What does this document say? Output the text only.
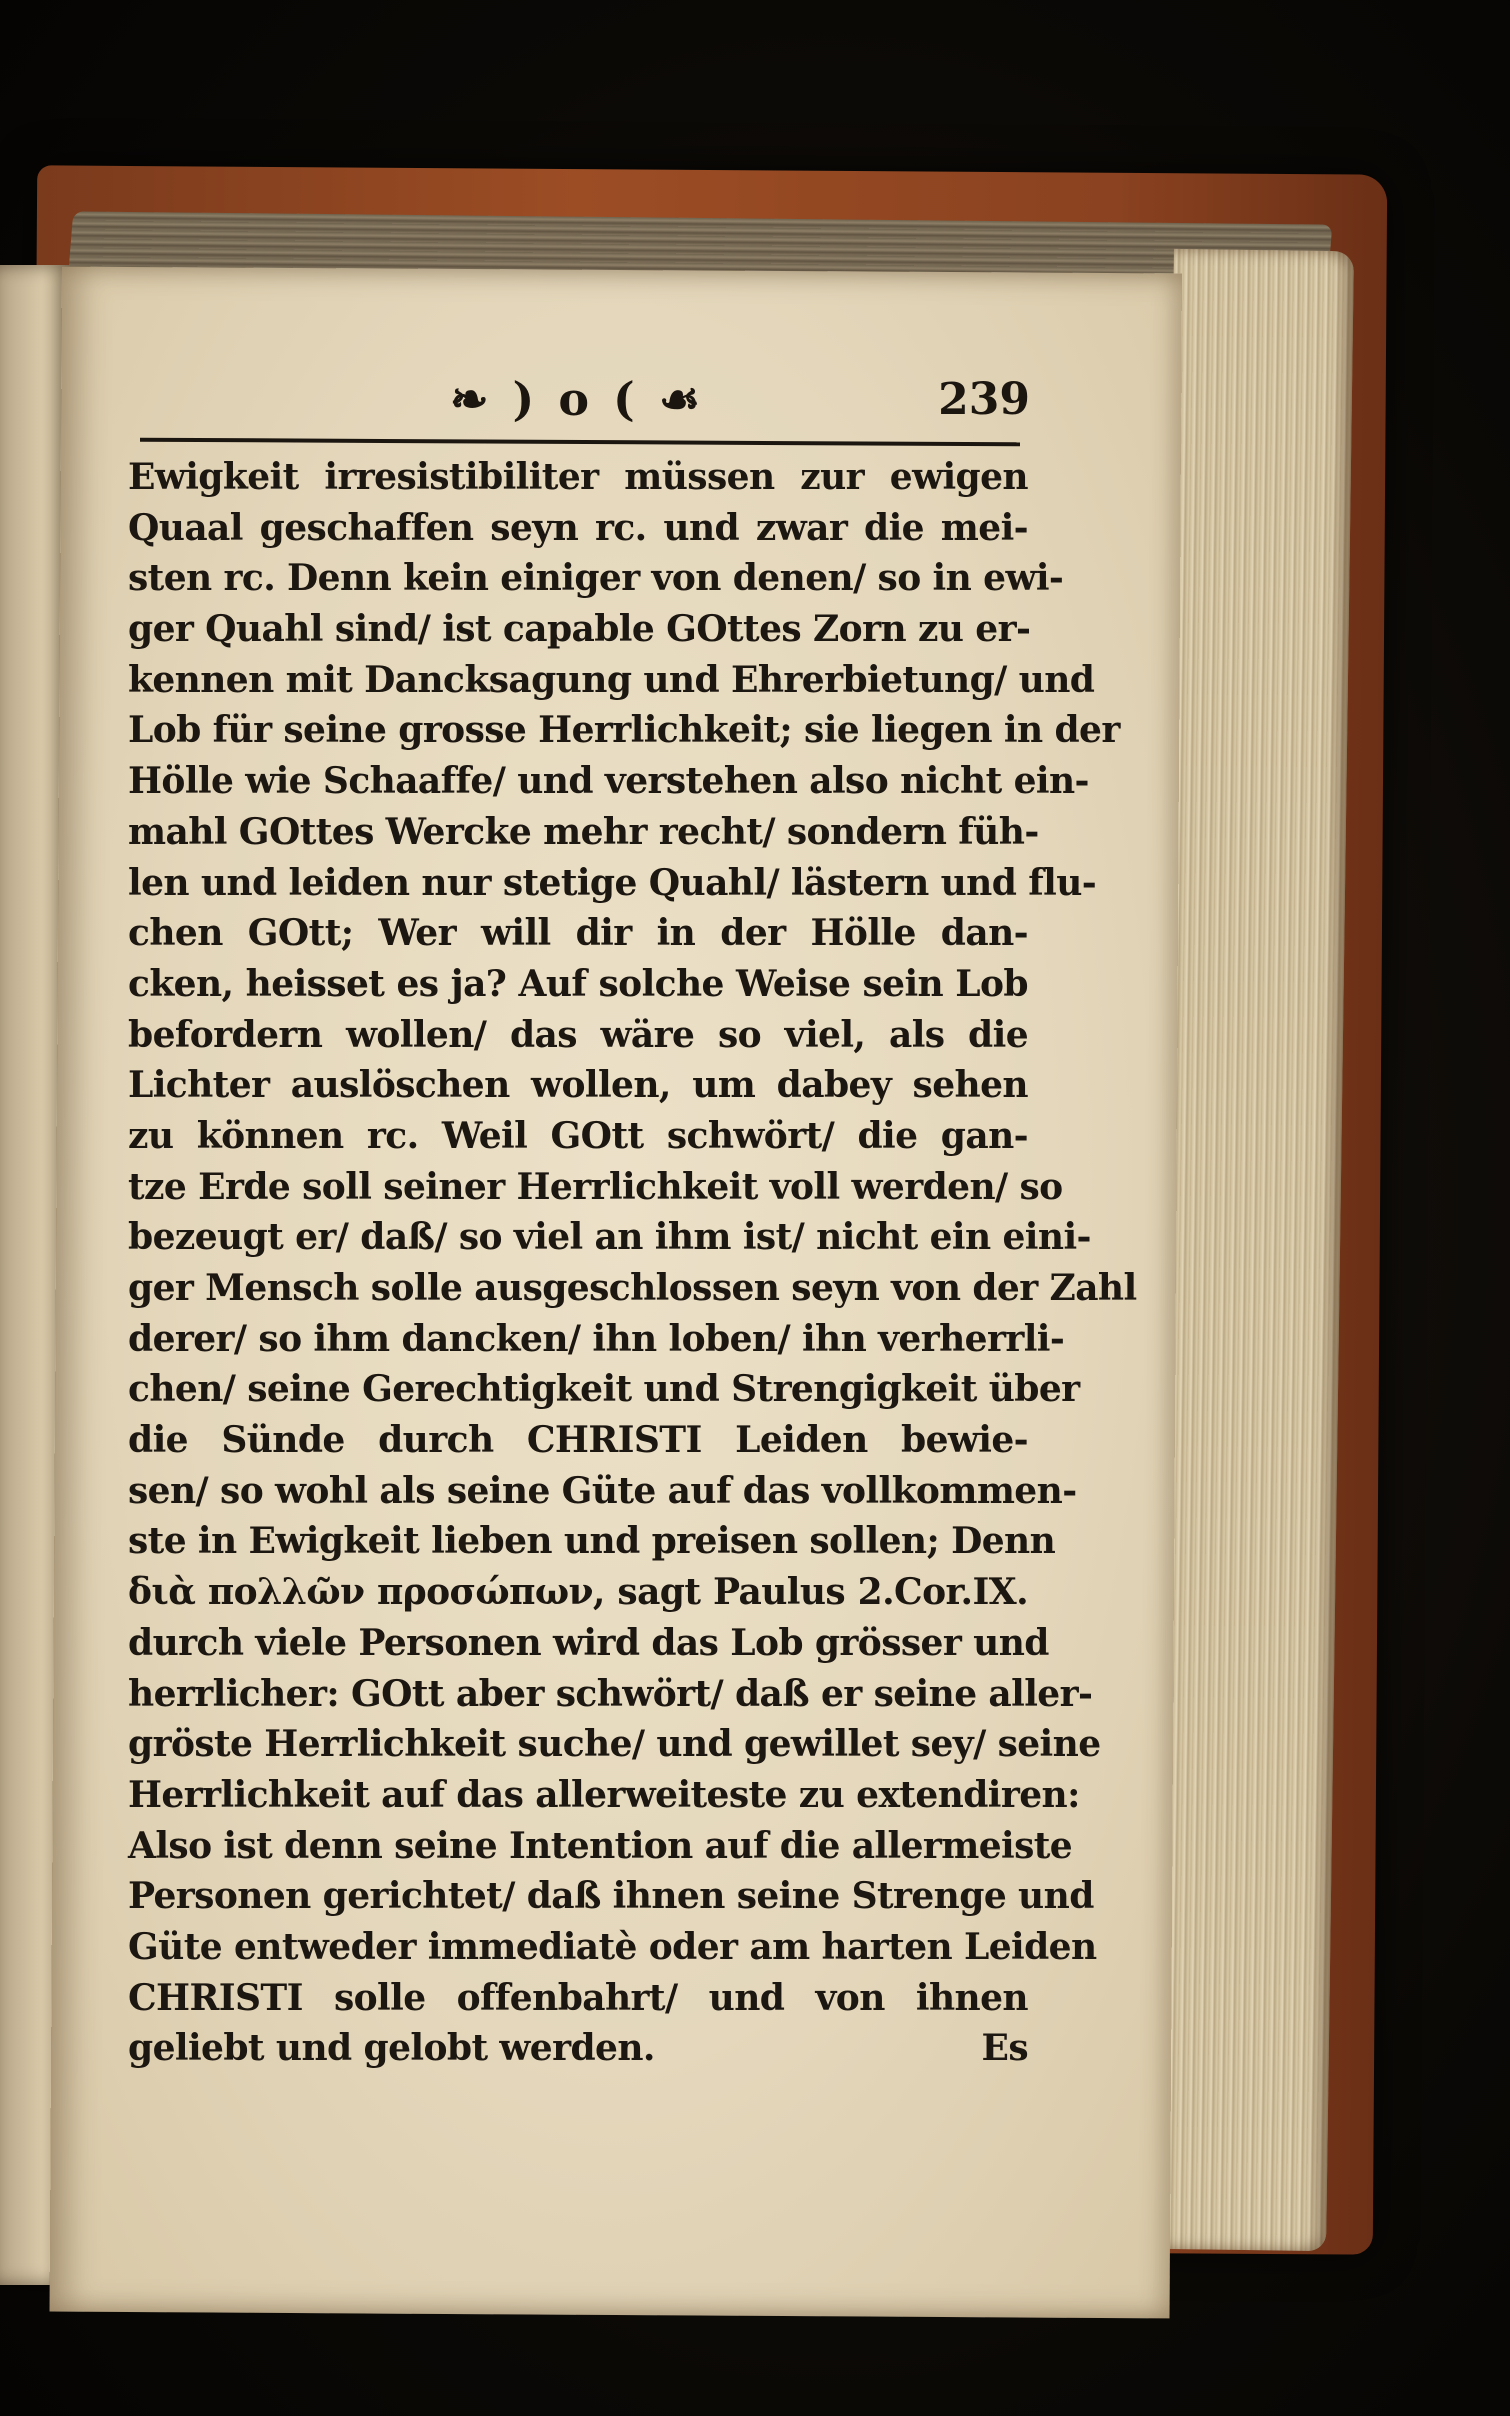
❧ ) o ( ☙	239
Ewigkeit irresistibiliter müssen zur ewigen
Quaal geschaffen seyn rc. und zwar die mei-
sten rc. Denn kein einiger von denen/ so in ewi-
ger Quahl sind/ ist capable GOttes Zorn zu er-
kennen mit Dancksagung und Ehrerbietung/ und
Lob für seine grosse Herrlichkeit; sie liegen in der
Hölle wie Schaaffe/ und verstehen also nicht ein-
mahl GOttes Wercke mehr recht/ sondern füh-
len und leiden nur stetige Quahl/ lästern und flu-
chen GOtt; Wer will dir in der Hölle dan-
cken, heisset es ja? Auf solche Weise sein Lob
befordern wollen/ das wäre so viel, als die
Lichter auslöschen wollen, um dabey sehen
zu können rc. Weil GOtt schwört/ die gan-
tze Erde soll seiner Herrlichkeit voll werden/ so
bezeugt er/ daß/ so viel an ihm ist/ nicht ein eini-
ger Mensch solle ausgeschlossen seyn von der Zahl
derer/ so ihm dancken/ ihn loben/ ihn verherrli-
chen/ seine Gerechtigkeit und Strengigkeit über
die Sünde durch CHRISTI Leiden bewie-
sen/ so wohl als seine Güte auf das vollkommen-
ste in Ewigkeit lieben und preisen sollen; Denn
διὰ πολλῶν προσώπων, sagt Paulus 2.Cor.IX.
durch viele Personen wird das Lob grösser und
herrlicher: GOtt aber schwört/ daß er seine aller-
gröste Herrlichkeit suche/ und gewillet sey/ seine
Herrlichkeit auf das allerweiteste zu extendiren:
Also ist denn seine Intention auf die allermeiste
Personen gerichtet/ daß ihnen seine Strenge und
Güte entweder immediatè oder am harten Leiden
CHRISTI solle offenbahrt/ und von ihnen
geliebt und gelobt werden.	Es
